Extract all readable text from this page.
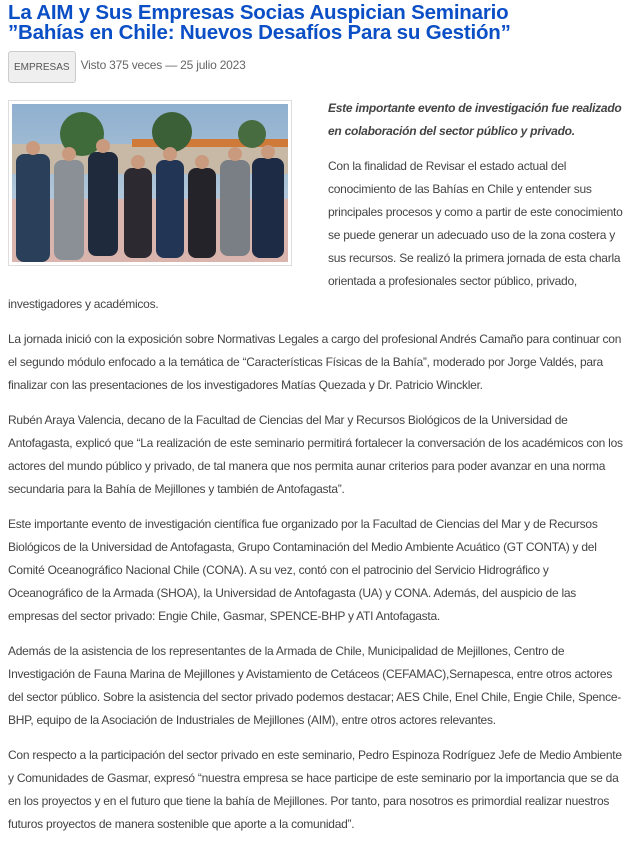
La AIM y Sus Empresas Socias Auspician Seminario
”Bahías en Chile: Nuevos Desafíos Para su Gestión”
EMPRESAS Visto 375 veces — 25 julio 2023

Este importante evento de investigación fue realizado en colaboración del sector público y privado.

Con la finalidad de Revisar el estado actual del conocimiento de las Bahías en Chile y entender sus principales procesos y como a partir de este conocimiento se puede generar un adecuado uso de la zona costera y sus recursos. Se realizó la primera jornada de esta charla orientada a profesionales sector público, privado, investigadores y académicos.

La jornada inició con la exposición sobre Normativas Legales a cargo del profesional Andrés Camaño para continuar con el segundo módulo enfocado a la temática de “Características Físicas de la Bahía”, moderado por Jorge Valdés, para finalizar con las presentaciones de los investigadores Matías Quezada y Dr. Patricio Winckler.

Rubén Araya Valencia, decano de la Facultad de Ciencias del Mar y Recursos Biológicos de la Universidad de Antofagasta, explicó que “La realización de este seminario permitirá fortalecer la conversación de los académicos con los actores del mundo público y privado, de tal manera que nos permita aunar criterios para poder avanzar en una norma secundaria para la Bahía de Mejillones y también de Antofagasta”.

Este importante evento de investigación científica fue organizado por la Facultad de Ciencias del Mar y de Recursos Biológicos de la Universidad de Antofagasta, Grupo Contaminación del Medio Ambiente Acuático (GT CONTA) y del Comité Oceanográfico Nacional Chile (CONA). A su vez, contó con el patrocinio del Servicio Hidrográfico y Oceanográfico de la Armada (SHOA), la Universidad de Antofagasta (UA) y CONA. Además, del auspicio de las empresas del sector privado: Engie Chile, Gasmar, SPENCE-BHP y ATI Antofagasta.

Además de la asistencia de los representantes de la Armada de Chile, Municipalidad de Mejillones, Centro de Investigación de Fauna Marina de Mejillones y Avistamiento de Cetáceos (CEFAMAC),Sernapesca, entre otros actores del sector público. Sobre la asistencia del sector privado podemos destacar; AES Chile, Enel Chile, Engie Chile, Spence-BHP, equipo de la Asociación de Industriales de Mejillones (AIM), entre otros actores relevantes.

Con respecto a la participación del sector privado en este seminario, Pedro Espinoza Rodríguez Jefe de Medio Ambiente y Comunidades de Gasmar, expresó “nuestra empresa se hace participe de este seminario por la importancia que se da en los proyectos y en el futuro que tiene la bahía de Mejillones. Por tanto, para nosotros es primordial realizar nuestros futuros proyectos de manera sostenible que aporte a la comunidad”.
